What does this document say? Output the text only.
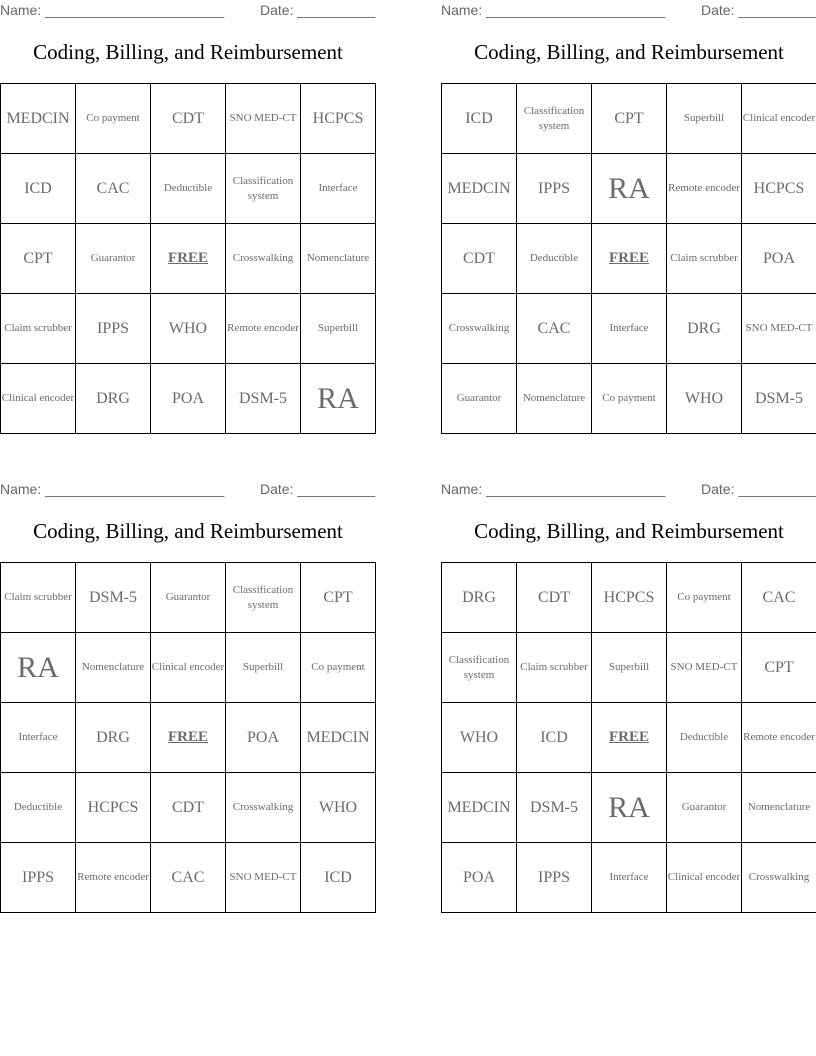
Name: _______________________	Date: __________
Coding, Billing, and Reimbursement
MEDCIN	Co payment	CDT	SNO MED-CT	HCPCS
ICD	CAC	Deductible	Classification system	Interface
CPT	Guarantor	FREE	Crosswalking	Nomenclature
Claim scrubber	IPPS	WHO	Remote encoder	Superbill
Clinical encoder	DRG	POA	DSM-5	RA
Name: _______________________	Date: __________
Coding, Billing, and Reimbursement
ICD	Classification system	CPT	Superbill	Clinical encoder
MEDCIN	IPPS	RA	Remote encoder	HCPCS
CDT	Deductible	FREE	Claim scrubber	POA
Crosswalking	CAC	Interface	DRG	SNO MED-CT
Guarantor	Nomenclature	Co payment	WHO	DSM-5
Name: _______________________	Date: __________
Coding, Billing, and Reimbursement
Claim scrubber	DSM-5	Guarantor	Classification system	CPT
RA	Nomenclature	Clinical encoder	Superbill	Co payment
Interface	DRG	FREE	POA	MEDCIN
Deductible	HCPCS	CDT	Crosswalking	WHO
IPPS	Remote encoder	CAC	SNO MED-CT	ICD
Name: _______________________	Date: __________
Coding, Billing, and Reimbursement
DRG	CDT	HCPCS	Co payment	CAC
Classification system	Claim scrubber	Superbill	SNO MED-CT	CPT
WHO	ICD	FREE	Deductible	Remote encoder
MEDCIN	DSM-5	RA	Guarantor	Nomenclature
POA	IPPS	Interface	Clinical encoder	Crosswalking
